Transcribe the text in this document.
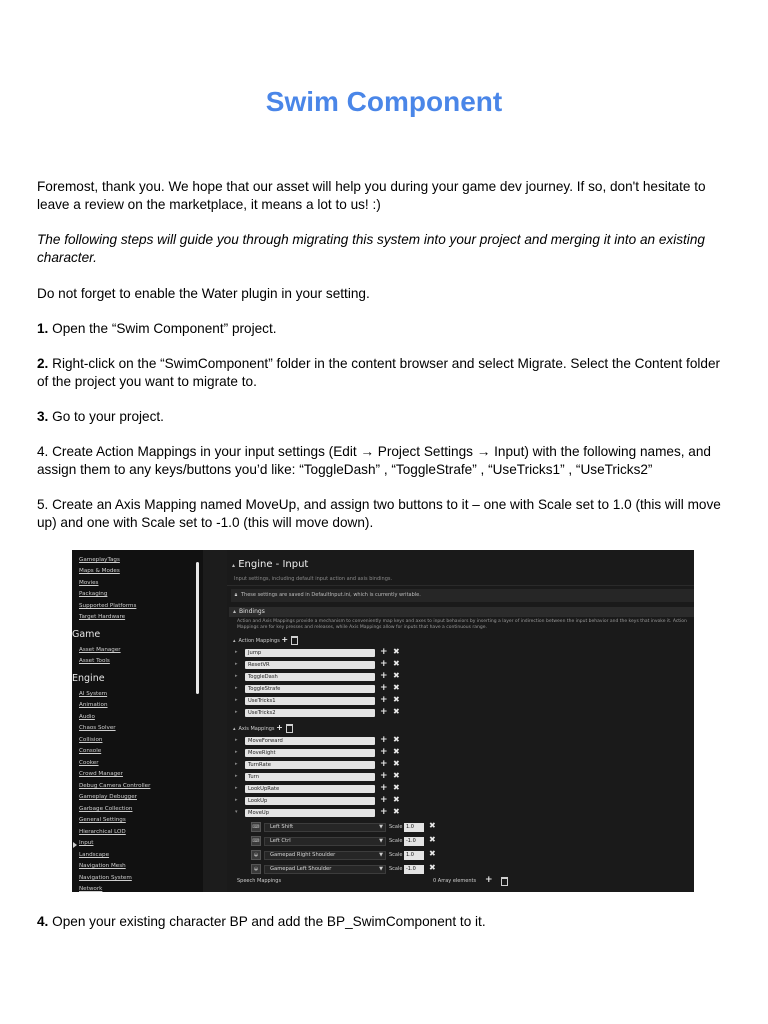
Swim Component
Foremost, thank you. We hope that our asset will help you during your game dev journey. If so, don't hesitate to leave a review on the marketplace, it means a lot to us! :)
The following steps will guide you through migrating this system into your project and merging it into an existing character.
Do not forget to enable the Water plugin in your setting.
1. Open the “Swim Component” project.
2. Right-click on the “SwimComponent” folder in the content browser and select Migrate. Select the Content folder of the project you want to migrate to.
3. Go to your project.
4. Create Action Mappings in your input settings (Edit → Project Settings → Input) with the following names, and assign them to any keys/buttons you’d like: “ToggleDash” , “ToggleStrafe” , “UseTricks1” , “UseTricks2”
5. Create an Axis Mapping named MoveUp, and assign two buttons to it – one with Scale set to 1.0 (this will move up) and one with Scale set to -1.0 (this will move down).
GameplayTags
Maps & Modes
Movies
Packaging
Supported Platforms
Target Hardware
Game
Asset Manager
Asset Tools
Engine
AI System
Animation
Audio
Chaos Solver
Collision
Console
Cooker
Crowd Manager
Debug Camera Controller
Gameplay Debugger
Garbage Collection
General Settings
Hierarchical LOD
Input
Landscape
Navigation Mesh
Navigation System
Network
▴ Engine - Input
Input settings, including default input action and axis bindings.
🔒︎ These settings are saved in DefaultInput.ini, which is currently writable.
▴ Bindings
Action and Axis Mappings provide a mechanism to conveniently map keys and axes to input behaviors by inserting a layer of indirection between the input behavior and the keys that invoke it. Action Mappings are for key presses and releases, while Axis Mappings allow for inputs that have a continuous range.
▴ Action Mappings +
▸	Jump	+ ✖
▸	ResetVR	+ ✖
▸	ToggleDash	+ ✖
▸	ToggleStrafe	+ ✖
▸	UseTricks1	+ ✖
▸	UseTricks2	+ ✖
▴ Axis Mappings +
▸	MoveForward	+ ✖
▸	MoveRight	+ ✖
▸	TurnRate	+ ✖
▸	Turn	+ ✖
▸	LookUpRate	+ ✖
▸	LookUp	+ ✖
▾	MoveUp	+ ✖
⌨	Left Shift	▼ Scale 1.0	✖
⌨	Left Ctrl	▼ Scale -1.0	✖
◒	Gamepad Right Shoulder	▼ Scale 1.0	✖
◒	Gamepad Left Shoulder	▼ Scale -1.0	✖
Speech Mappings	0 Array elements +
4. Open your existing character BP and add the BP_SwimComponent to it.
